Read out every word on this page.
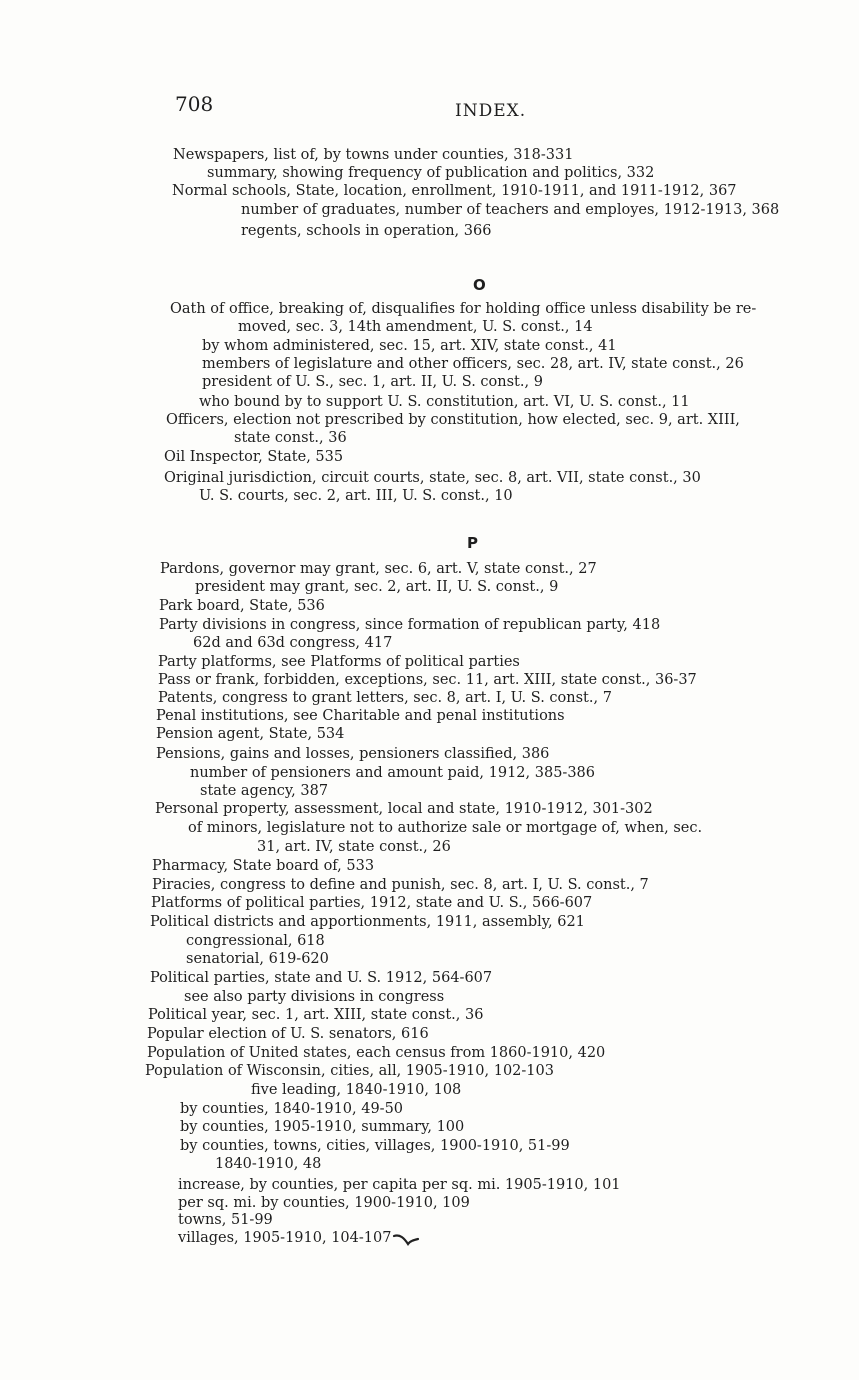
708	INDEX.
Newspapers, list of, by towns under counties, 318-331
summary, showing frequency of publication and politics, 332
Normal schools, State, location, enrollment, 1910-1911, and 1911-1912, 367
number of graduates, number of teachers and employes, 1912-1913, 368
regents, schools in operation, 366
O
Oath of office, breaking of, disqualifies for holding office unless disability be re-
moved, sec. 3, 14th amendment, U. S. const., 14
by whom administered, sec. 15, art. XIV, state const., 41
members of legislature and other officers, sec. 28, art. IV, state const., 26
president of U. S., sec. 1, art. II, U. S. const., 9
who bound by to support U. S. constitution, art. VI, U. S. const., 11
Officers, election not prescribed by constitution, how elected, sec. 9, art. XIII,
state const., 36
Oil Inspector, State, 535
Original jurisdiction, circuit courts, state, sec. 8, art. VII, state const., 30
U. S. courts, sec. 2, art. III, U. S. const., 10
P
Pardons, governor may grant, sec. 6, art. V, state const., 27
president may grant, sec. 2, art. II, U. S. const., 9
Park board, State, 536
Party divisions in congress, since formation of republican party, 418
62d and 63d congress, 417
Party platforms, see Platforms of political parties
Pass or frank, forbidden, exceptions, sec. 11, art. XIII, state const., 36-37
Patents, congress to grant letters, sec. 8, art. I, U. S. const., 7
Penal institutions, see Charitable and penal institutions
Pension agent, State, 534
Pensions, gains and losses, pensioners classified, 386
number of pensioners and amount paid, 1912, 385-386
state agency, 387
Personal property, assessment, local and state, 1910-1912, 301-302
of minors, legislature not to authorize sale or mortgage of, when, sec.
31, art. IV, state const., 26
Pharmacy, State board of, 533
Piracies, congress to define and punish, sec. 8, art. I, U. S. const., 7
Platforms of political parties, 1912, state and U. S., 566-607
Political districts and apportionments, 1911, assembly, 621
congressional, 618
senatorial, 619-620
Political parties, state and U. S. 1912, 564-607
see also party divisions in congress
Political year, sec. 1, art. XIII, state const., 36
Popular election of U. S. senators, 616
Population of United states, each census from 1860-1910, 420
Population of Wisconsin, cities, all, 1905-1910, 102-103
five leading, 1840-1910, 108
by counties, 1840-1910, 49-50
by counties, 1905-1910, summary, 100
by counties, towns, cities, villages, 1900-1910, 51-99
1840-1910, 48
increase, by counties, per capita per sq. mi. 1905-1910, 101
per sq. mi. by counties, 1900-1910, 109
towns, 51-99
villages, 1905-1910, 104-107
